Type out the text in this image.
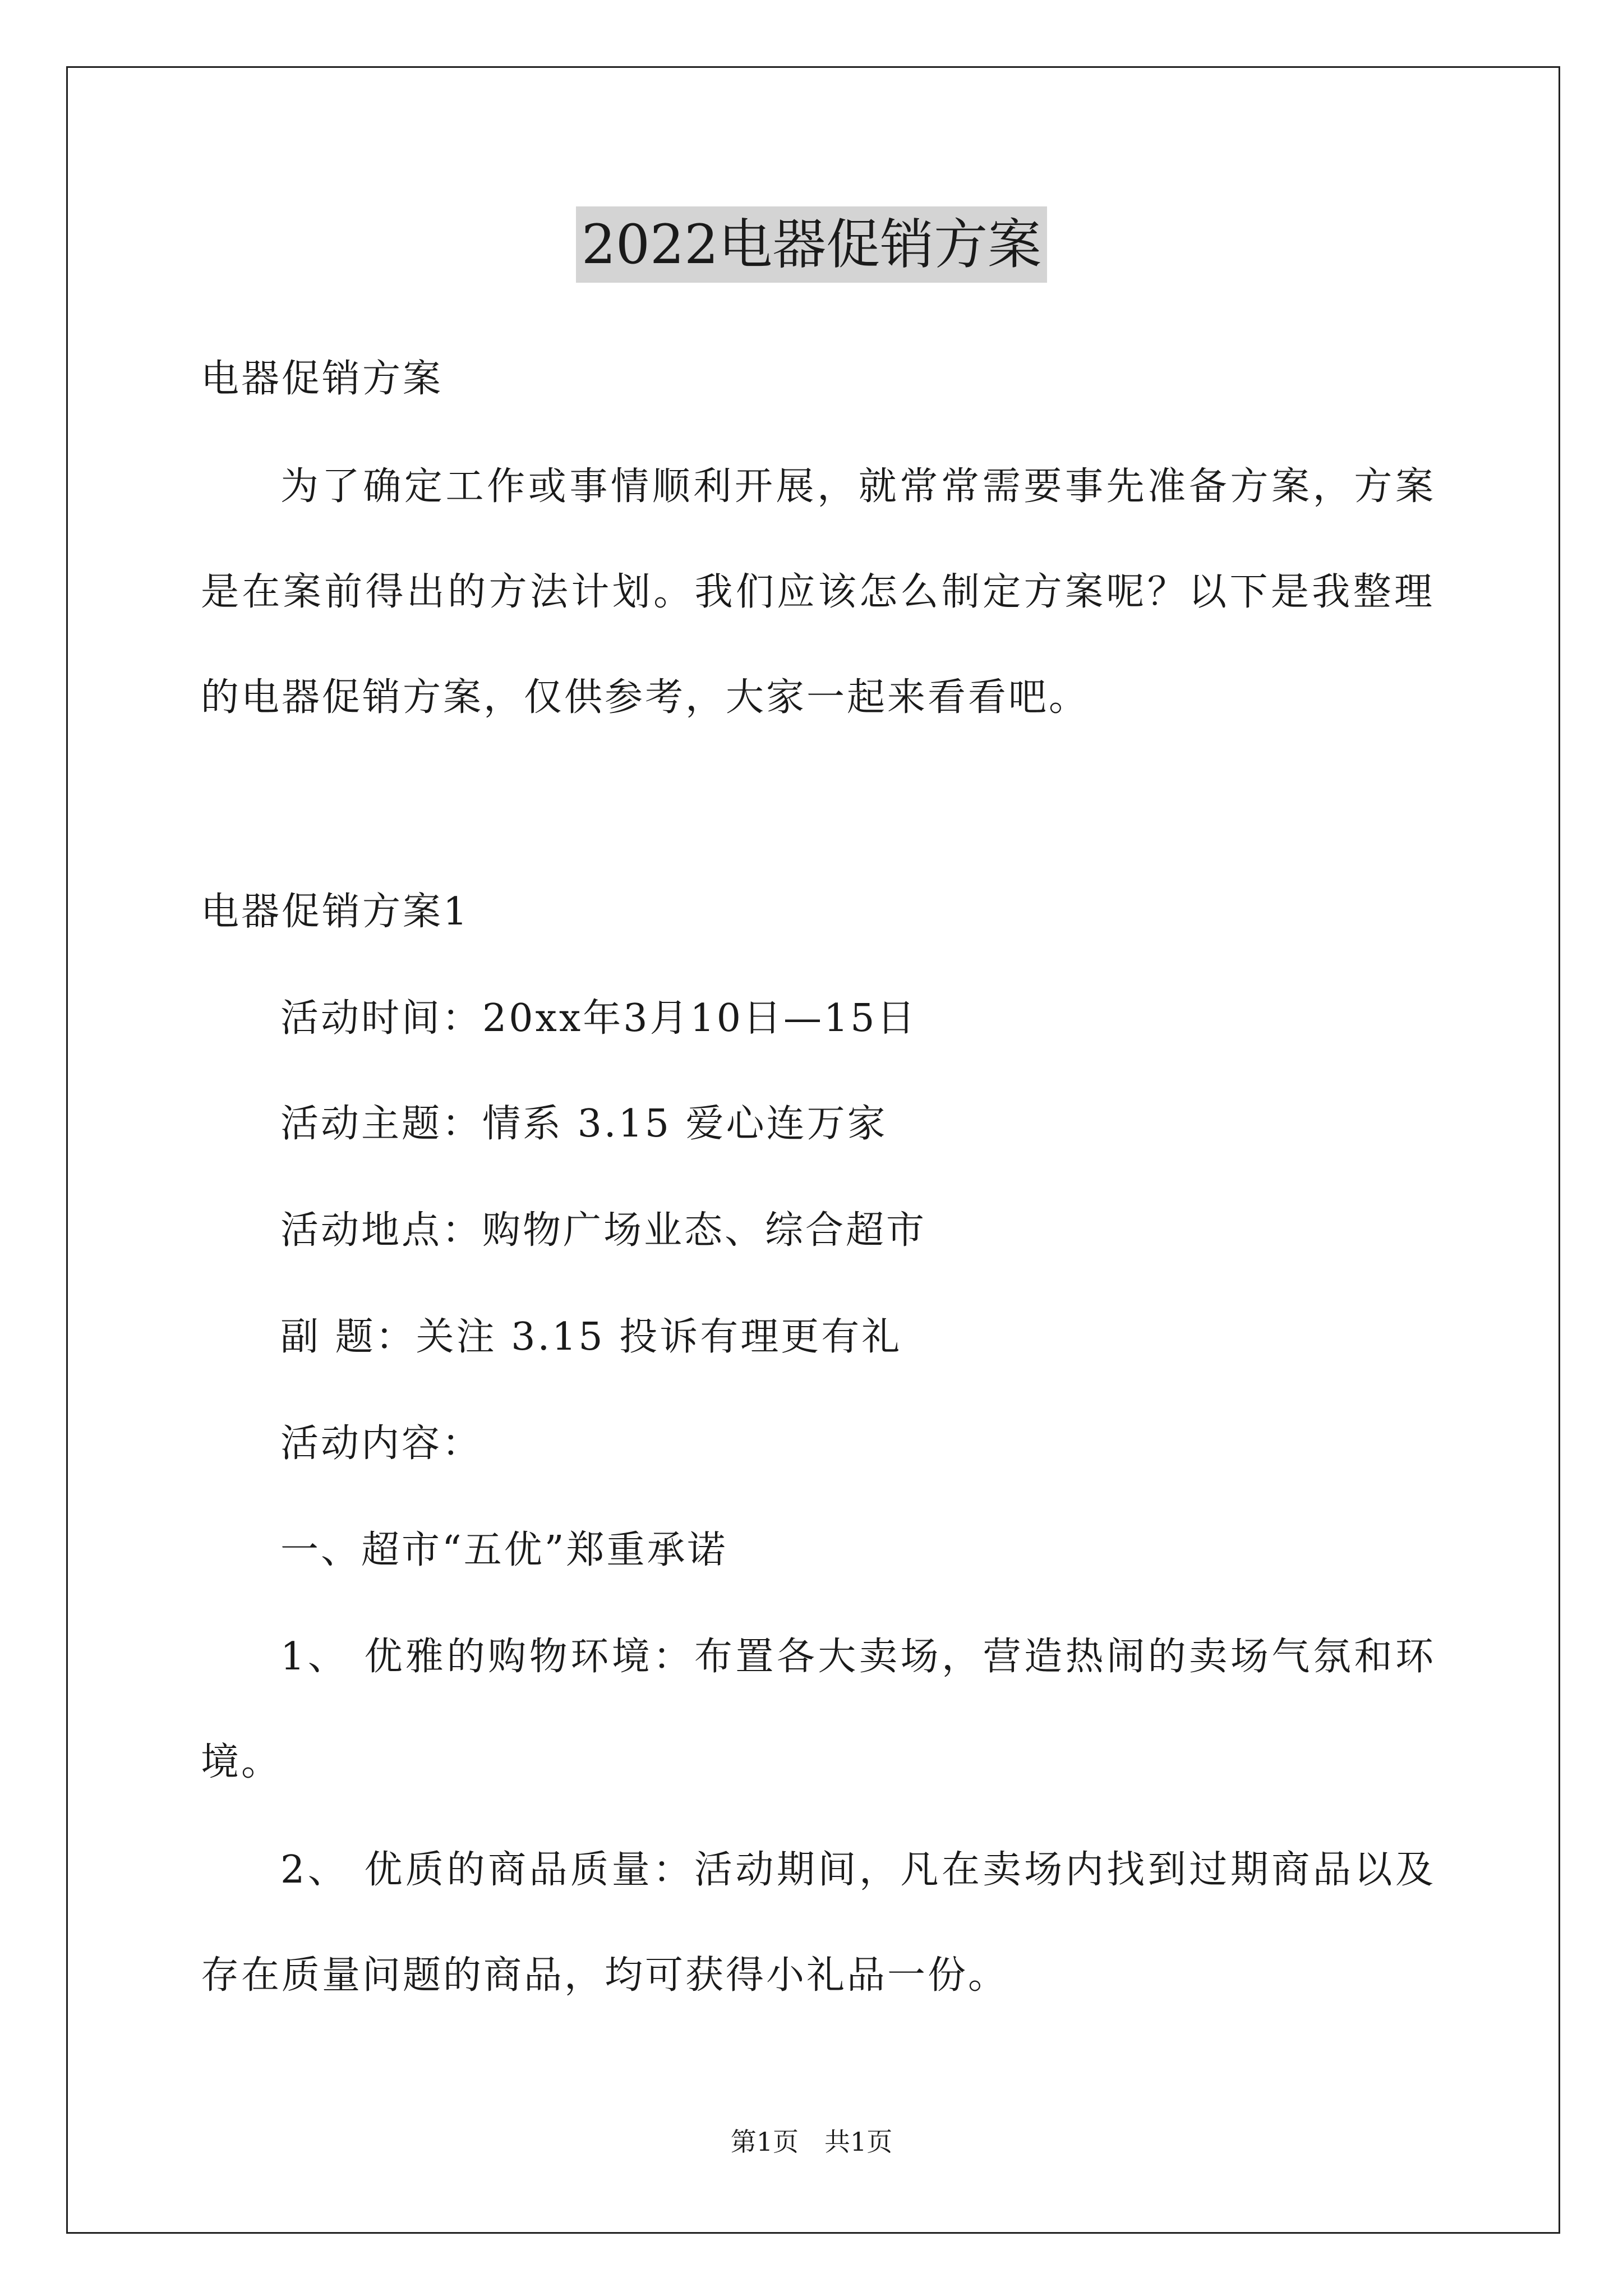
2022电器促销方案
电器促销方案
为了确定工作或事情顺利开展，就常常需要事先准备方案，方案
是在案前得出的方法计划。我们应该怎么制定方案呢？以下是我整理
的电器促销方案，仅供参考，大家一起来看看吧。
电器促销方案1
活动时间：20xx年3月10日—15日
活动主题：情系 3.15 爱心连万家
活动地点：购物广场业态、综合超市
副 题：关注 3.15 投诉有理更有礼
活动内容：
一、超市“五优”郑重承诺
1、 优雅的购物环境：布置各大卖场，营造热闹的卖场气氛和环
境。
2、 优质的商品质量：活动期间，凡在卖场内找到过期商品以及
存在质量问题的商品，均可获得小礼品一份。
第1页　共1页
